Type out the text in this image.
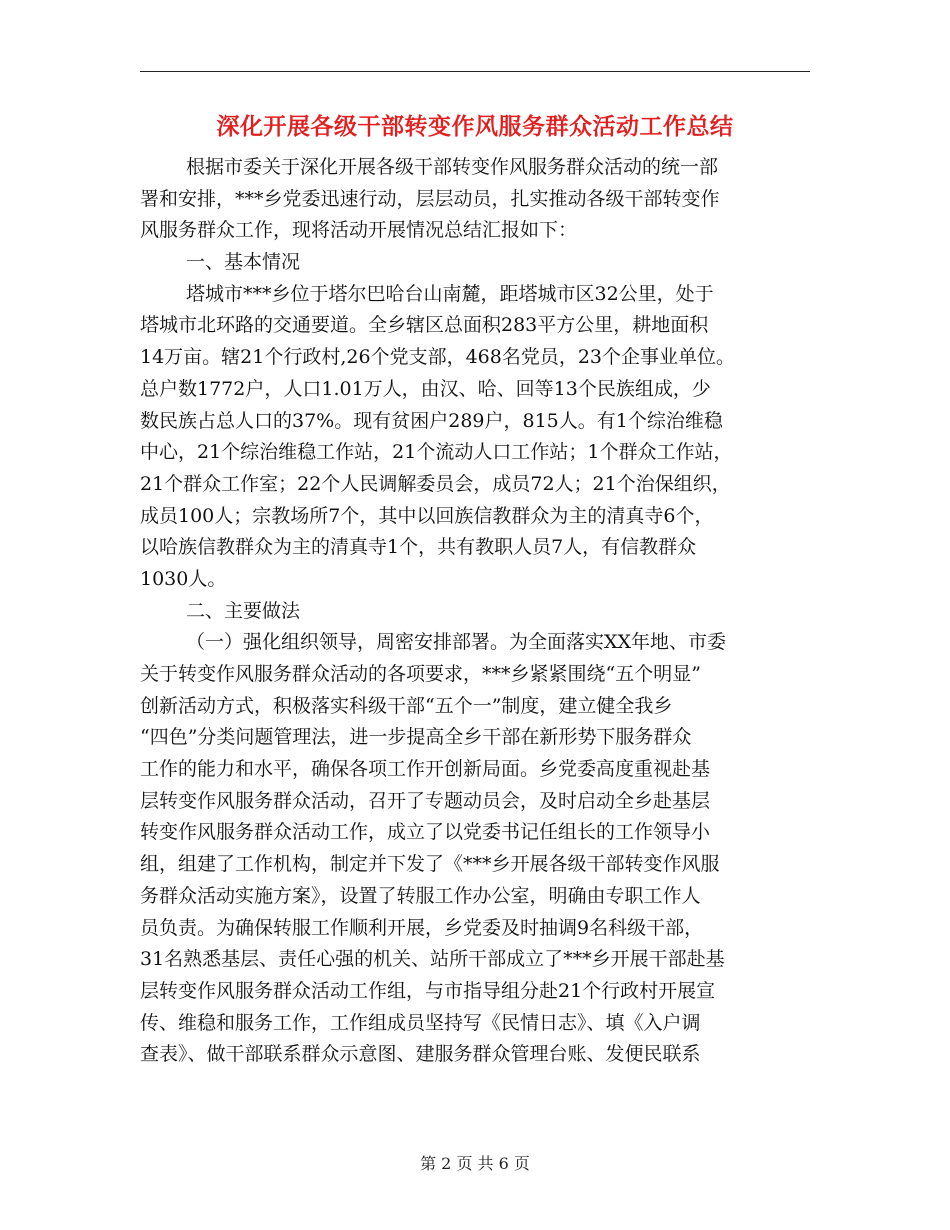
深化开展各级干部转变作风服务群众活动工作总结
根据市委关于深化开展各级干部转变作风服务群众活动的统一部
署和安排，***乡党委迅速行动，层层动员，扎实推动各级干部转变作
风服务群众工作，现将活动开展情况总结汇报如下：
一、基本情况
塔城市***乡位于塔尔巴哈台山南麓，距塔城市区32公里，处于
塔城市北环路的交通要道。全乡辖区总面积283平方公里，耕地面积
14万亩。辖21个行政村,26个党支部，468名党员，23个企事业单位。
总户数1772户，人口1.01万人，由汉、哈、回等13个民族组成，少
数民族占总人口的37%。现有贫困户289户，815人。有1个综治维稳
中心，21个综治维稳工作站，21个流动人口工作站；1个群众工作站，
21个群众工作室；22个人民调解委员会，成员72人；21个治保组织，
成员100人；宗教场所7个，其中以回族信教群众为主的清真寺6个，
以哈族信教群众为主的清真寺1个，共有教职人员7人，有信教群众
1030人。
二、主要做法
（一）强化组织领导，周密安排部署。为全面落实XX年地、市委
关于转变作风服务群众活动的各项要求，***乡紧紧围绕“五个明显”
创新活动方式，积极落实科级干部“五个一”制度，建立健全我乡
“四色”分类问题管理法，进一步提高全乡干部在新形势下服务群众
工作的能力和水平，确保各项工作开创新局面。乡党委高度重视赴基
层转变作风服务群众活动，召开了专题动员会，及时启动全乡赴基层
转变作风服务群众活动工作，成立了以党委书记任组长的工作领导小
组，组建了工作机构，制定并下发了《***乡开展各级干部转变作风服
务群众活动实施方案》，设置了转服工作办公室，明确由专职工作人
员负责。为确保转服工作顺利开展，乡党委及时抽调9名科级干部，
31名熟悉基层、责任心强的机关、站所干部成立了***乡开展干部赴基
层转变作风服务群众活动工作组，与市指导组分赴21个行政村开展宣
传、维稳和服务工作，工作组成员坚持写《民情日志》、填《入户调
查表》、做干部联系群众示意图、建服务群众管理台账、发便民联系
第 2 页 共 6 页
